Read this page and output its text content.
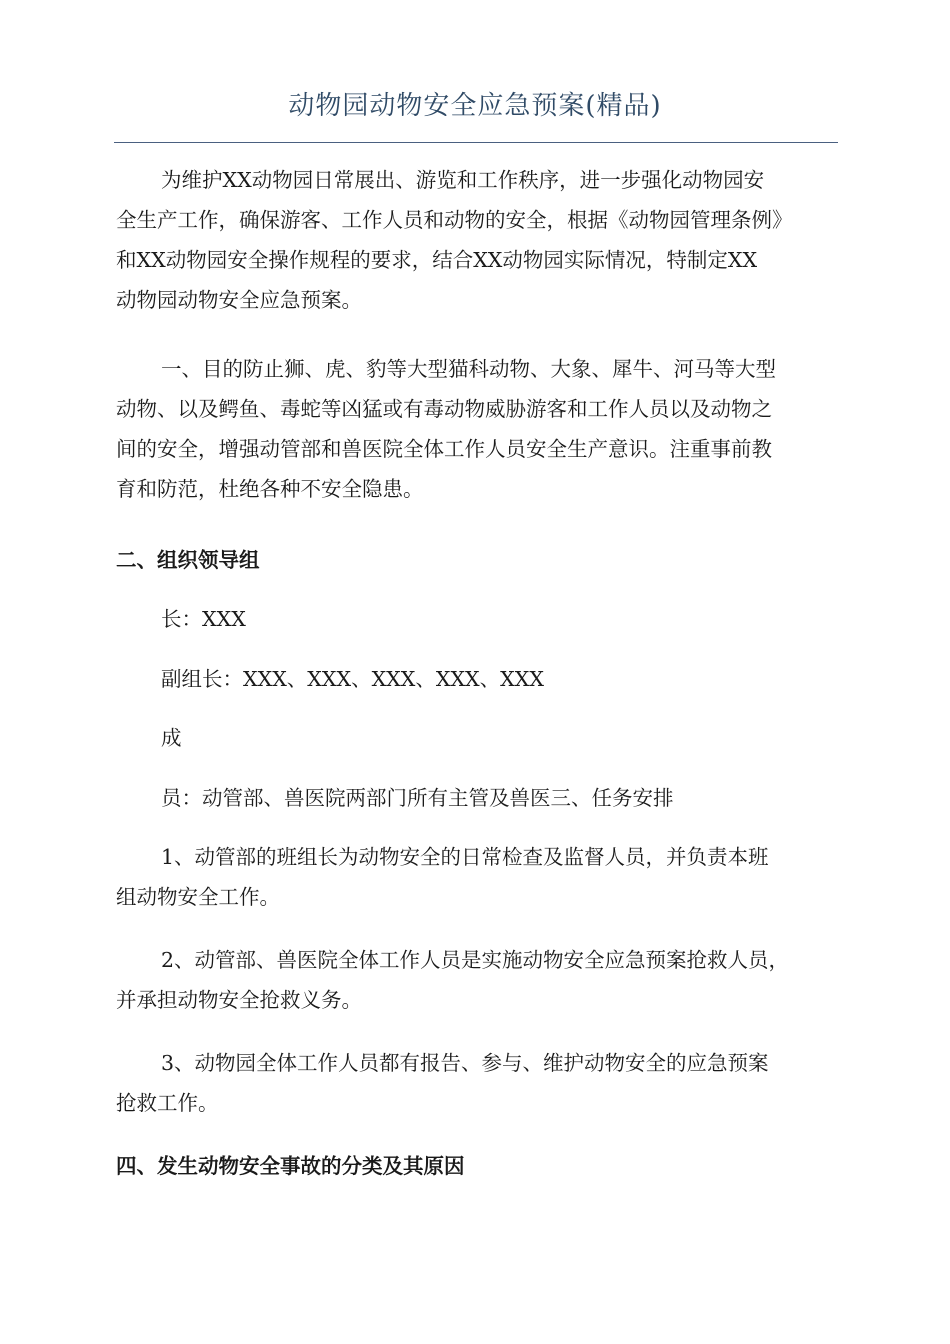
动物园动物安全应急预案(精品)

为维护XX动物园日常展出、游览和工作秩序，进一步强化动物园安
全生产工作，确保游客、工作人员和动物的安全，根据《动物园管理条例》
和XX动物园安全操作规程的要求，结合XX动物园实际情况，特制定XX
动物园动物安全应急预案。

一、目的防止狮、虎、豹等大型猫科动物、大象、犀牛、河马等大型
动物、以及鳄鱼、毒蛇等凶猛或有毒动物威胁游客和工作人员以及动物之
间的安全，增强动管部和兽医院全体工作人员安全生产意识。注重事前教
育和防范，杜绝各种不安全隐患。

二、组织领导组
长：XXX
副组长：XXX、XXX、XXX、XXX、XXX
成
员：动管部、兽医院两部门所有主管及兽医三、任务安排

1、动管部的班组长为动物安全的日常检查及监督人员，并负责本班
组动物安全工作。

2、动管部、兽医院全体工作人员是实施动物安全应急预案抢救人员，
并承担动物安全抢救义务。

3、动物园全体工作人员都有报告、参与、维护动物安全的应急预案
抢救工作。

四、发生动物安全事故的分类及其原因
